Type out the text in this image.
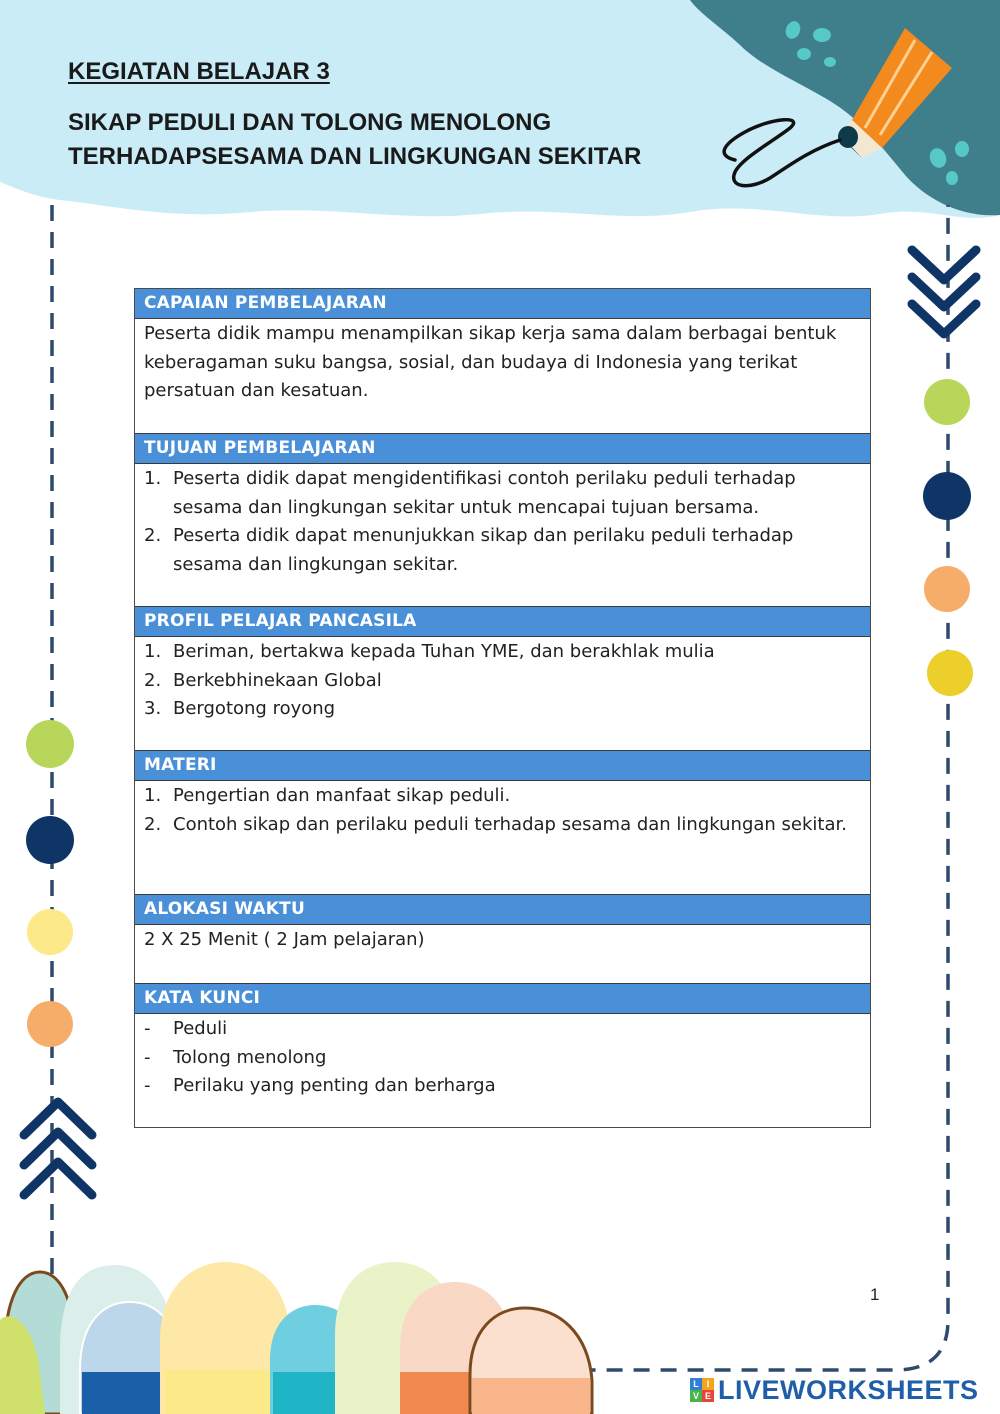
KEGIATAN BELAJAR 3
SIKAP PEDULI DAN TOLONG MENOLONG
TERHADAPSESAMA DAN LINGKUNGAN SEKITAR
CAPAIAN PEMBELAJARAN

Peserta didik mampu menampilkan sikap kerja sama dalam berbagai bentuk keberagaman suku bangsa, sosial, dan budaya di Indonesia yang terikat persatuan dan kesatuan.

TUJUAN PEMBELAJARAN
1. Peserta didik dapat mengidentifikasi contoh perilaku peduli terhadap sesama dan lingkungan sekitar untuk mencapai tujuan bersama.
2. Peserta didik dapat menunjukkan sikap dan perilaku peduli terhadap sesama dan lingkungan sekitar.
PROFIL PELAJAR PANCASILA
1. Beriman, bertakwa kepada Tuhan YME, dan berakhlak mulia
2. Berkebhinekaan Global
3. Bergotong royong
MATERI
1. Pengertian dan manfaat sikap peduli.
2. Contoh sikap dan perilaku peduli terhadap sesama dan lingkungan sekitar.
ALOKASI WAKTU

2 X 25 Menit ( 2 Jam pelajaran)

KATA KUNCI
- Peduli
- Tolong menolong
- Perilaku yang penting dan berharga
1
L I
V E LIVEWORKSHEETS
